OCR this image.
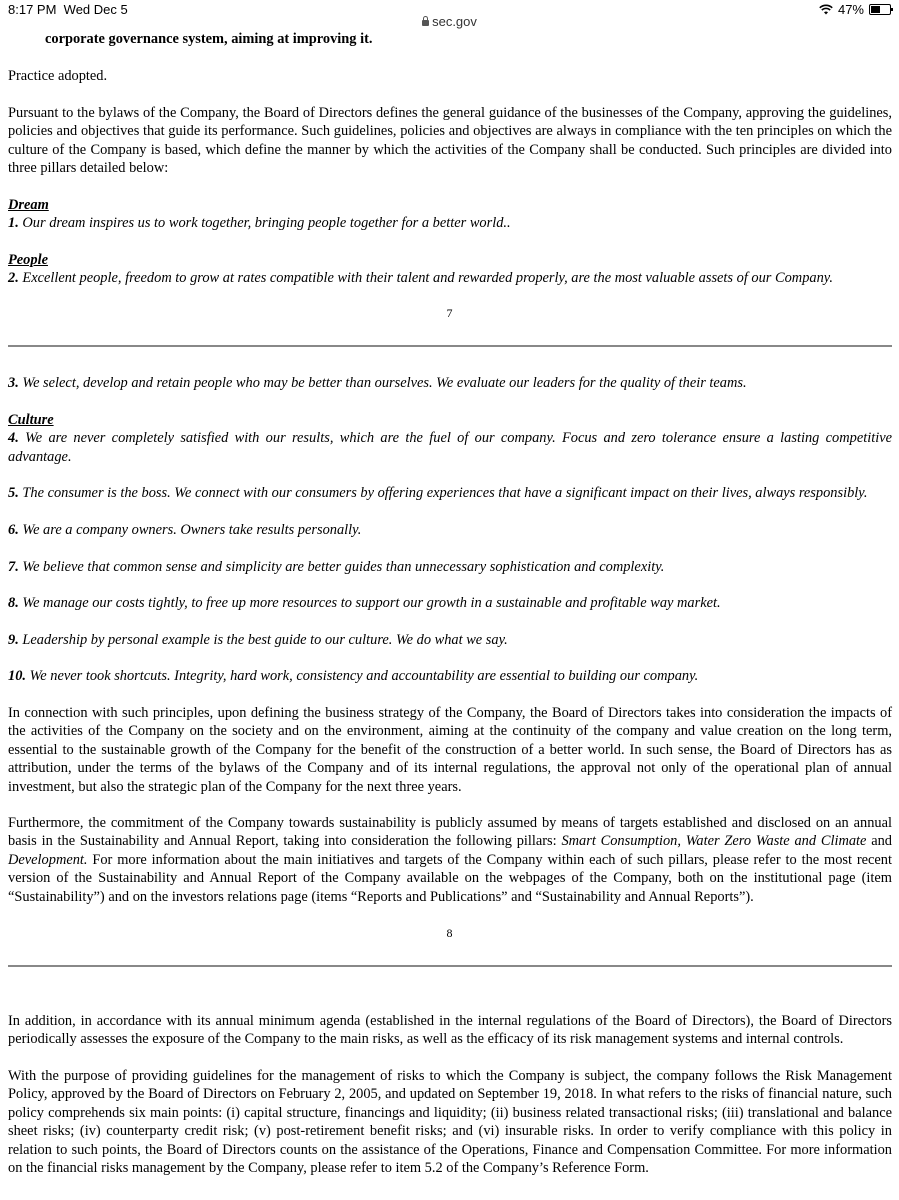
8:17 PM Wed Dec 5	47%
sec.gov
corporate governance system, aiming at improving it.

Practice adopted.

Pursuant to the bylaws of the Company, the Board of Directors defines the general guidance of the businesses of the Company, approving the guidelines, policies and objectives that guide its performance. Such guidelines, policies and objectives are always in compliance with the ten principles on which the culture of the Company is based, which define the manner by which the activities of the Company shall be conducted. Such principles are divided into three pillars detailed below:
Dream
1. Our dream inspires us to work together, bringing people together for a better world..
People
2. Excellent people, freedom to grow at rates compatible with their talent and rewarded properly, are the most valuable assets of our Company.
7
3. We select, develop and retain people who may be better than ourselves. We evaluate our leaders for the quality of their teams.
Culture
4. We are never completely satisfied with our results, which are the fuel of our company. Focus and zero tolerance ensure a lasting competitive advantage.
5. The consumer is the boss. We connect with our consumers by offering experiences that have a significant impact on their lives, always responsibly.
6. We are a company owners. Owners take results personally.
7. We believe that common sense and simplicity are better guides than unnecessary sophistication and complexity.
8. We manage our costs tightly, to free up more resources to support our growth in a sustainable and profitable way market.
9. Leadership by personal example is the best guide to our culture. We do what we say.
10. We never took shortcuts. Integrity, hard work, consistency and accountability are essential to building our company.
In connection with such principles, upon defining the business strategy of the Company, the Board of Directors takes into consideration the impacts of the activities of the Company on the society and on the environment, aiming at the continuity of the company and value creation on the long term, essential to the sustainable growth of the Company for the benefit of the construction of a better world. In such sense, the Board of Directors has as attribution, under the terms of the bylaws of the Company and of its internal regulations, the approval not only of the operational plan of annual investment, but also the strategic plan of the Company for the next three years.
Furthermore, the commitment of the Company towards sustainability is publicly assumed by means of targets established and disclosed on an annual basis in the Sustainability and Annual Report, taking into consideration the following pillars: Smart Consumption, Water Zero Waste and Climate and Development. For more information about the main initiatives and targets of the Company within each of such pillars, please refer to the most recent version of the Sustainability and Annual Report of the Company available on the webpages of the Company, both on the institutional page (item “Sustainability”) and on the investors relations page (items “Reports and Publications” and “Sustainability and Annual Reports”).
8
In addition, in accordance with its annual minimum agenda (established in the internal regulations of the Board of Directors), the Board of Directors periodically assesses the exposure of the Company to the main risks, as well as the efficacy of its risk management systems and internal controls.
With the purpose of providing guidelines for the management of risks to which the Company is subject, the company follows the Risk Management Policy, approved by the Board of Directors on February 2, 2005, and updated on September 19, 2018. In what refers to the risks of financial nature, such policy comprehends six main points: (i) capital structure, financings and liquidity; (ii) business related transactional risks; (iii) translational and balance sheet risks; (iv) counterparty credit risk; (v) post-retirement benefit risks; and (vi) insurable risks. In order to verify compliance with this policy in relation to such points, the Board of Directors counts on the assistance of the Operations, Finance and Compensation Committee. For more information on the financial risks management by the Company, please refer to item 5.2 of the Company’s Reference Form.
